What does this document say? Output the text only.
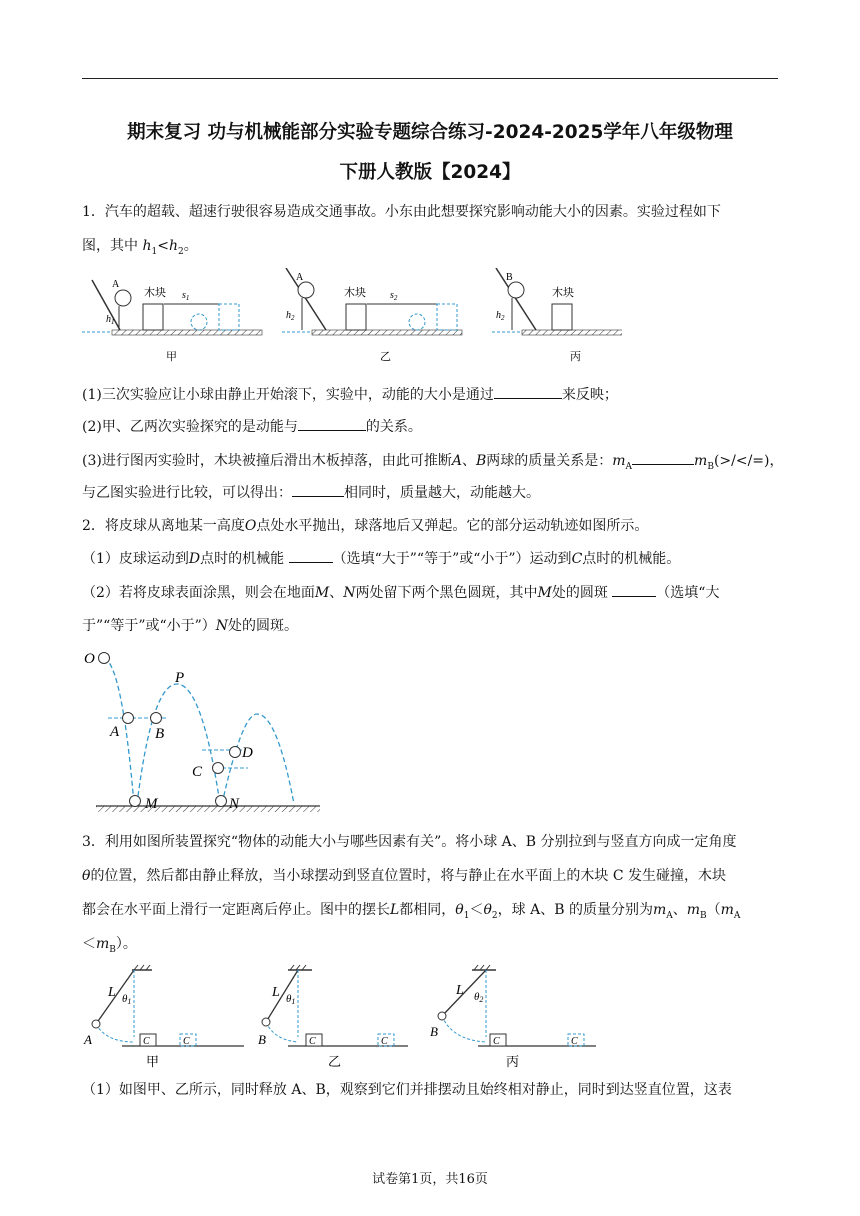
期末复习 功与机械能部分实验专题综合练习-2024-2025学年八年级物理
下册人教版【2024】
1．汽车的超载、超速行驶很容易造成交通事故。小东由此想要探究影响动能大小的因素。实验过程如下
图，其中 $h_1<h_2$。
A
$h_1$
木块 $s_1$
甲
A
$h_2$
木块 $s_2$
乙
B
$h_2$
木块
丙
(1)三次实验应让小球由静止开始滚下，实验中，动能的大小是通过	来反映；
(2)甲、乙两次实验探究的是动能与	的关系。
(3)进行图丙实验时，木块被撞后滑出木板掉落，由此可推断A、B两球的质量关系是：$m_A$	$m_B(>/</=)$，
与乙图实验进行比较，可以得出：	相同时，质量越大，动能越大。
2．将皮球从离地某一高度O点处水平抛出，球落地后又弹起。它的部分运动轨迹如图所示。
（1）皮球运动到D点时的机械能	（选填“大于”“等于”或“小于”）运动到C点时的机械能。
（2）若将皮球表面涂黑，则会在地面M、N两处留下两个黑色圆斑，其中M处的圆斑	（选填“大
于”“等于”或“小于”）N处的圆斑。
O
P
A B
C
D
M	N
3．利用如图所装置探究“物体的动能大小与哪些因素有关”。将小球 A、B 分别拉到与竖直方向成一定角度
θ的位置，然后都由静止释放，当小球摆动到竖直位置时，将与静止在水平面上的木块 C 发生碰撞，木块
都会在水平面上滑行一定距离后停止。图中的摆长L都相同，$\theta_1<\theta_2$，球 A、B 的质量分别为$m_A$、$m_B(m_A$
$<m_B$）。
L θ1
A	C	C
甲
L θ1
B	C	C
乙
L θ2
B
C	C
丙
（1）如图甲、乙所示，同时释放 A、B，观察到它们并排摆动且始终相对静止，同时到达竖直位置，这表
试卷第1页，共16页
